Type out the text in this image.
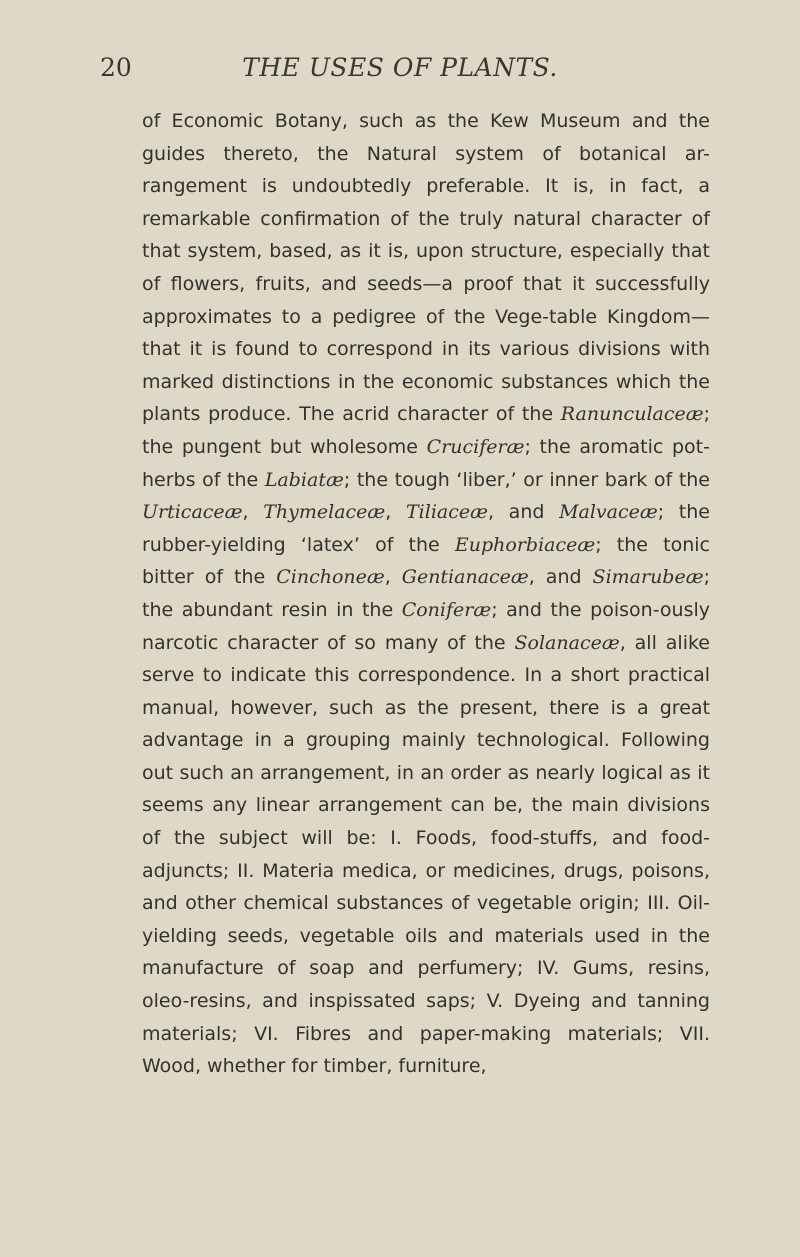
20	THE USES OF PLANTS.

of Economic Botany, such as the Kew Museum and the guides thereto, the Natural system of botanical ar-rangement is undoubtedly preferable. It is, in fact, a remarkable confirmation of the truly natural character of that system, based, as it is, upon structure, especially that of flowers, fruits, and seeds—a proof that it successfully approximates to a pedigree of the Vege-table Kingdom—that it is found to correspond in its various divisions with marked distinctions in the economic substances which the plants produce. The acrid character of the Ranunculaceæ; the pungent but wholesome Cruciferæ; the aromatic pot-herbs of the Labiatæ; the tough ‘liber,’ or inner bark of the Urticaceæ, Thymelaceæ, Tiliaceæ, and Malvaceæ; the rubber-yielding ‘latex’ of the Euphorbiaceæ; the tonic bitter of the Cinchoneæ, Gentianaceæ, and Simarubeæ; the abundant resin in the Coniferæ; and the poison-ously narcotic character of so many of the Solanaceæ, all alike serve to indicate this correspondence. In a short practical manual, however, such as the present, there is a great advantage in a grouping mainly technological. Following out such an arrangement, in an order as nearly logical as it seems any linear arrangement can be, the main divisions of the subject will be: I. Foods, food-stuffs, and food-adjuncts; II. Materia medica, or medicines, drugs, poisons, and other chemical substances of vegetable origin; III. Oil-yielding seeds, vegetable oils and materials used in the manufacture of soap and perfumery; IV. Gums, resins, oleo-resins, and inspissated saps; V. Dyeing and tanning materials; VI. Fibres and paper-making materials; VII. Wood, whether for timber, furniture,
